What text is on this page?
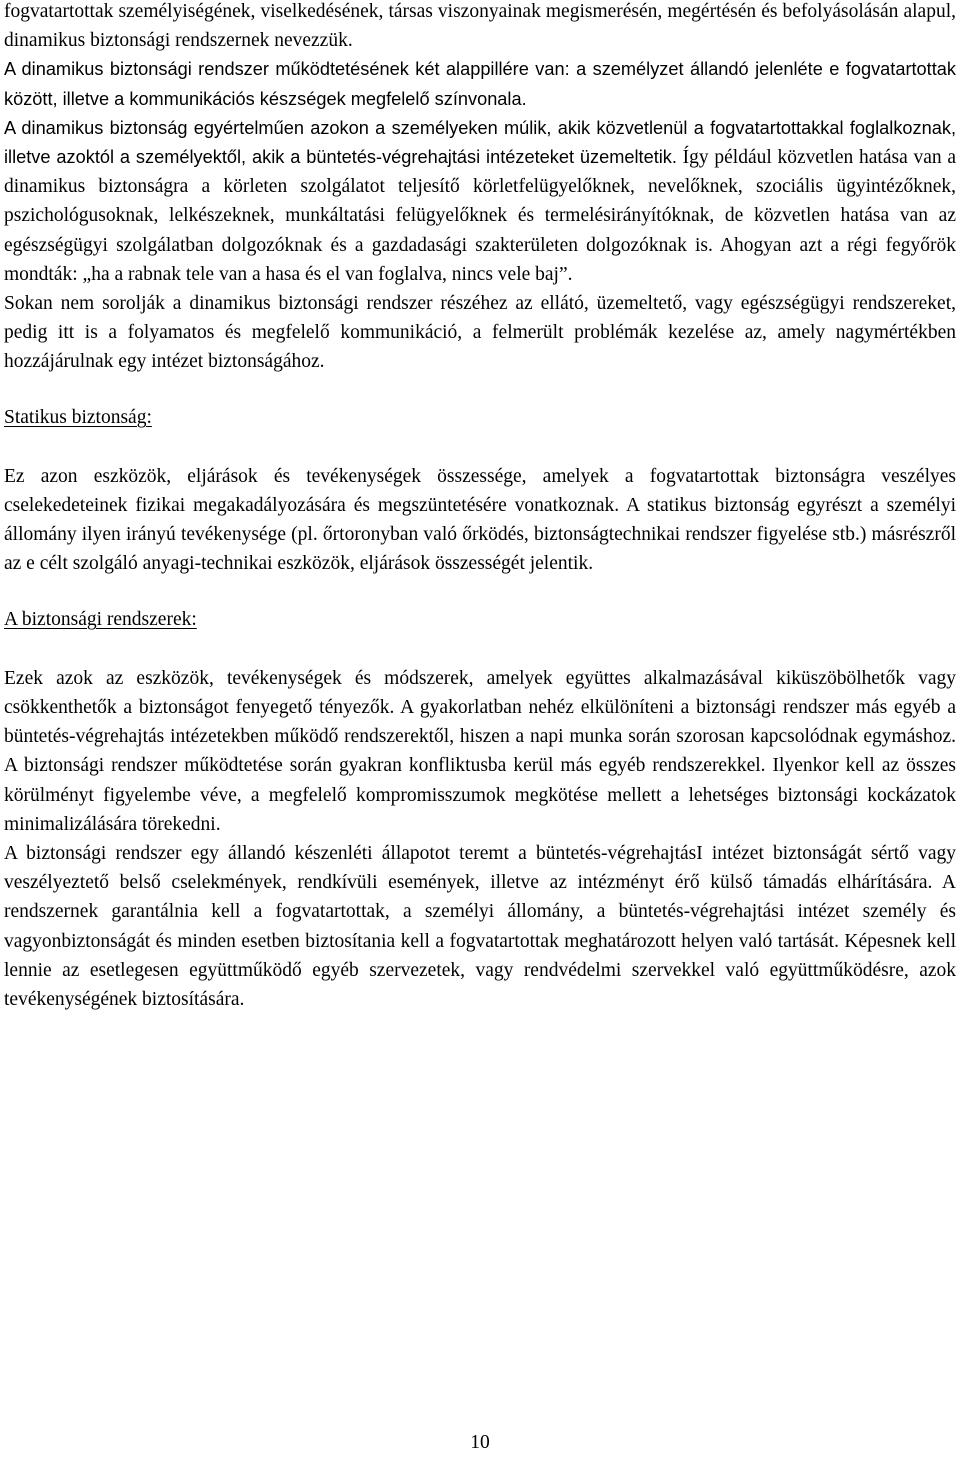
fogvatartottak személyiségének, viselkedésének, társas viszonyainak megismerésén, megértésén és befolyásolásán alapul, dinamikus biztonsági rendszernek nevezzük.

A dinamikus biztonsági rendszer működtetésének két alappillére van: a személyzet állandó jelenléte e fogvatartottak között, illetve a kommunikációs készségek megfelelő színvonala.

A dinamikus biztonság egyértelműen azokon a személyeken múlik, akik közvetlenül a fogvatartottakkal foglalkoznak, illetve azoktól a személyektől, akik a büntetés-végrehajtási intézeteket üzemeltetik. Így például közvetlen hatása van a dinamikus biztonságra a körleten szolgálatot teljesítő körletfelügyelőknek, nevelőknek, szociális ügyintézőknek, pszichológusoknak, lelkészeknek, munkáltatási felügyelőknek és termelésirányítóknak, de közvetlen hatása van az egészségügyi szolgálatban dolgozóknak és a gazdadasági szakterületen dolgozóknak is. Ahogyan azt a régi fegyőrök mondták: „ha a rabnak tele van a hasa és el van foglalva, nincs vele baj”.

Sokan nem sorolják a dinamikus biztonsági rendszer részéhez az ellátó, üzemeltető, vagy egészségügyi rendszereket, pedig itt is a folyamatos és megfelelő kommunikáció, a felmerült problémák kezelése az, amely nagymértékben hozzájárulnak egy intézet biztonságához.

Statikus biztonság:

Ez azon eszközök, eljárások és tevékenységek összessége, amelyek a fogvatartottak biztonságra veszélyes cselekedeteinek fizikai megakadályozására és megszüntetésére vonatkoznak. A statikus biztonság egyrészt a személyi állomány ilyen irányú tevékenysége (pl. őrtoronyban való őrködés, biztonságtechnikai rendszer figyelése stb.) másrészről az e célt szolgáló anyagi-technikai eszközök, eljárások összességét jelentik.

A biztonsági rendszerek:

Ezek azok az eszközök, tevékenységek és módszerek, amelyek együttes alkalmazásával kiküszöbölhetők vagy csökkenthetők a biztonságot fenyegető tényezők. A gyakorlatban nehéz elkülöníteni a biztonsági rendszer más egyéb a büntetés-végrehajtás intézetekben működő rendszerektől, hiszen a napi munka során szorosan kapcsolódnak egymáshoz. A biztonsági rendszer működtetése során gyakran konfliktusba kerül más egyéb rendszerekkel. Ilyenkor kell az összes körülményt figyelembe véve, a megfelelő kompromisszumok megkötése mellett a lehetséges biztonsági kockázatok minimalizálására törekedni.

A biztonsági rendszer egy állandó készenléti állapotot teremt a büntetés-végrehajtásI intézet biztonságát sértő vagy veszélyeztető belső cselekmények, rendkívüli események, illetve az intézményt érő külső támadás elhárítására. A rendszernek garantálnia kell a fogvatartottak, a személyi állomány, a büntetés-végrehajtási intézet személy és vagyonbiztonságát és minden esetben biztosítania kell a fogvatartottak meghatározott helyen való tartását. Képesnek kell lennie az esetlegesen együttműködő egyéb szervezetek, vagy rendvédelmi szervekkel való együttműködésre, azok tevékenységének biztosítására.

10
